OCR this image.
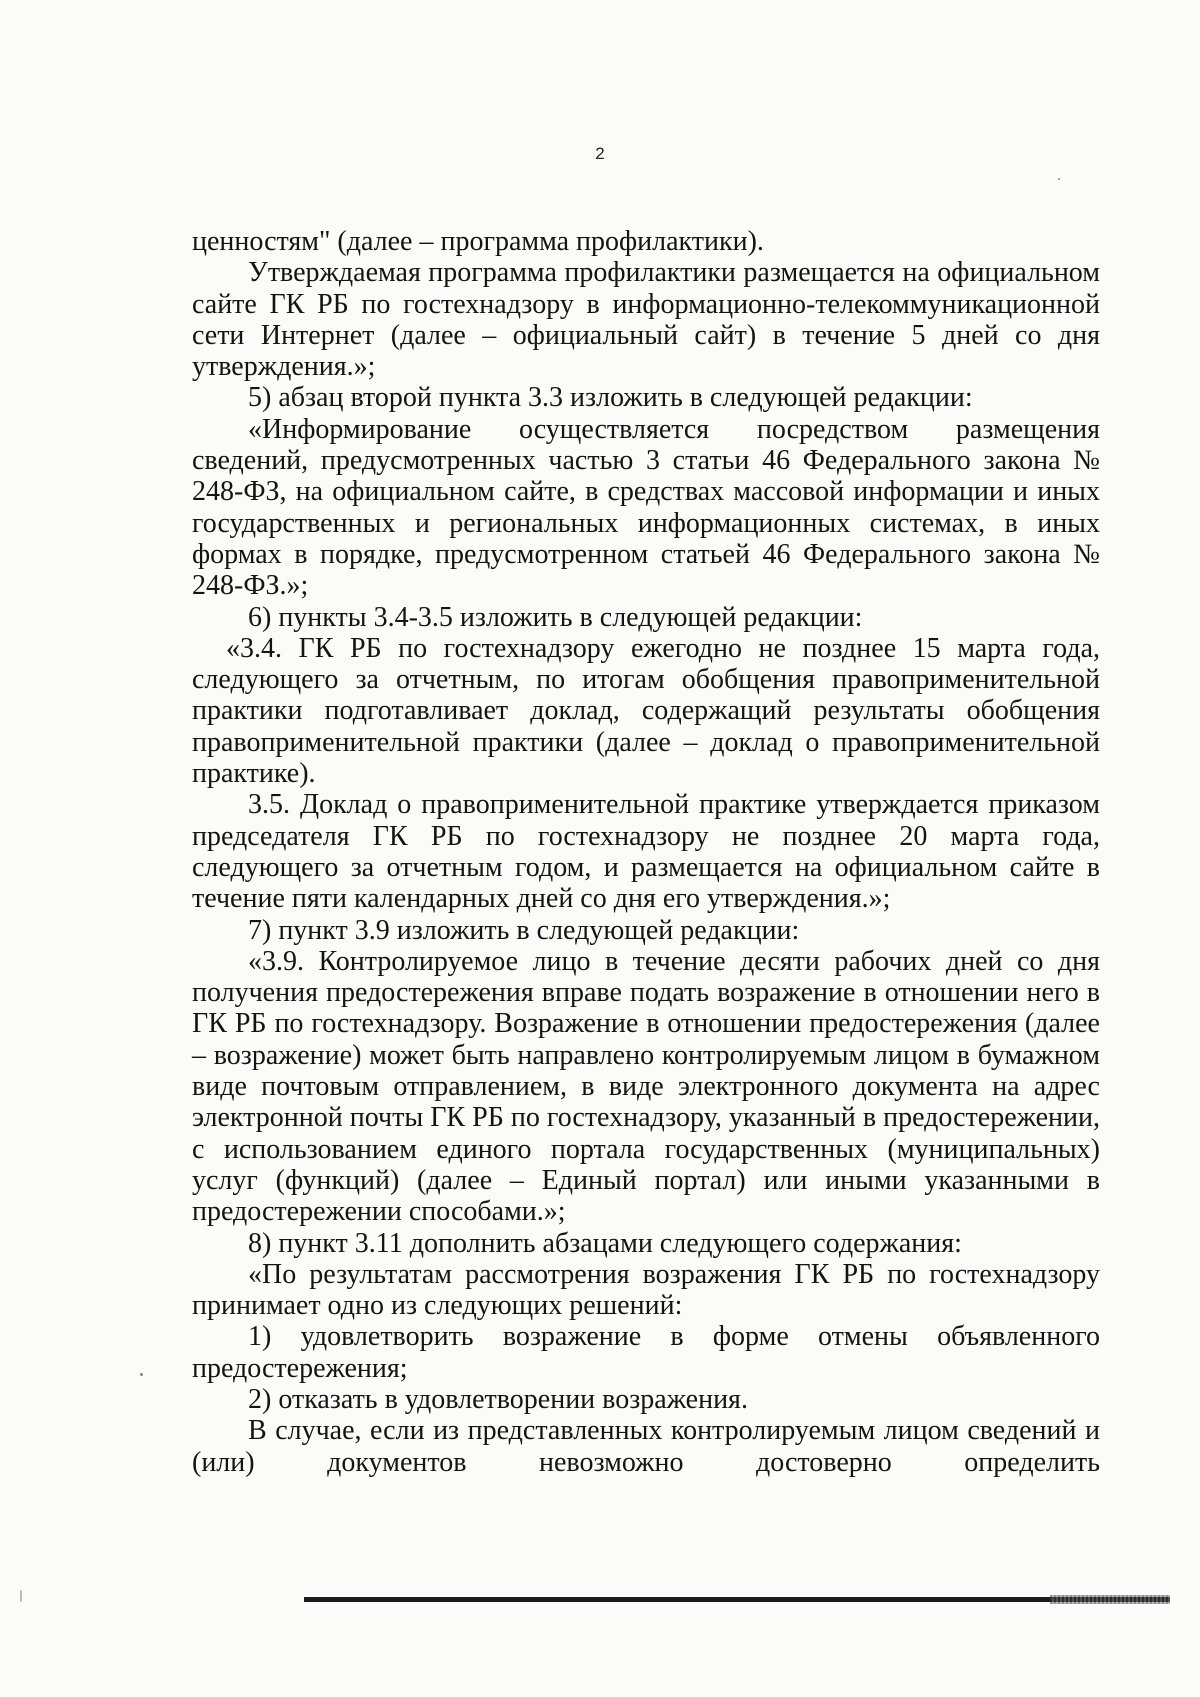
2

ценностям" (далее – программа профилактики).

Утверждаемая программа профилактики размещается на официальном сайте ГК РБ по гостехнадзору в информационно-телекоммуникационной сети Интернет (далее – официальный сайт) в течение 5 дней со дня утверждения.»;

5) абзац второй пункта 3.3 изложить в следующей редакции:

«Информирование осуществляется посредством размещения сведений, предусмотренных частью 3 статьи 46 Федерального закона № 248-ФЗ, на официальном сайте, в средствах массовой информации и иных государственных и региональных информационных системах, в иных формах в порядке, предусмотренном статьей 46 Федерального закона № 248-ФЗ.»;

6) пункты 3.4-3.5 изложить в следующей редакции:

«3.4. ГК РБ по гостехнадзору ежегодно не позднее 15 марта года, следующего за отчетным, по итогам обобщения правоприменительной практики подготавливает доклад, содержащий результаты обобщения правоприменительной практики (далее – доклад о правоприменительной практике).

3.5. Доклад о правоприменительной практике утверждается приказом председателя ГК РБ по гостехнадзору не позднее 20 марта года, следующего за отчетным годом, и размещается на официальном сайте в течение пяти календарных дней со дня его утверждения.»;

7) пункт 3.9 изложить в следующей редакции:

«3.9. Контролируемое лицо в течение десяти рабочих дней со дня получения предостережения вправе подать возражение в отношении него в ГК РБ по гостехнадзору. Возражение в отношении предостережения (далее – возражение) может быть направлено контролируемым лицом в бумажном виде почтовым отправлением, в виде электронного документа на адрес электронной почты ГК РБ по гостехнадзору, указанный в предостережении, с использованием единого портала государственных (муниципальных) услуг (функций) (далее – Единый портал) или иными указанными в предостережении способами.»;

8) пункт 3.11 дополнить абзацами следующего содержания:

«По результатам рассмотрения возражения ГК РБ по гостехнадзору принимает одно из следующих решений:

1) удовлетворить возражение в форме отмены объявленного предостережения;

2) отказать в удовлетворении возражения.

В случае, если из представленных контролируемым лицом сведений и (или) документов невозможно достоверно определить
